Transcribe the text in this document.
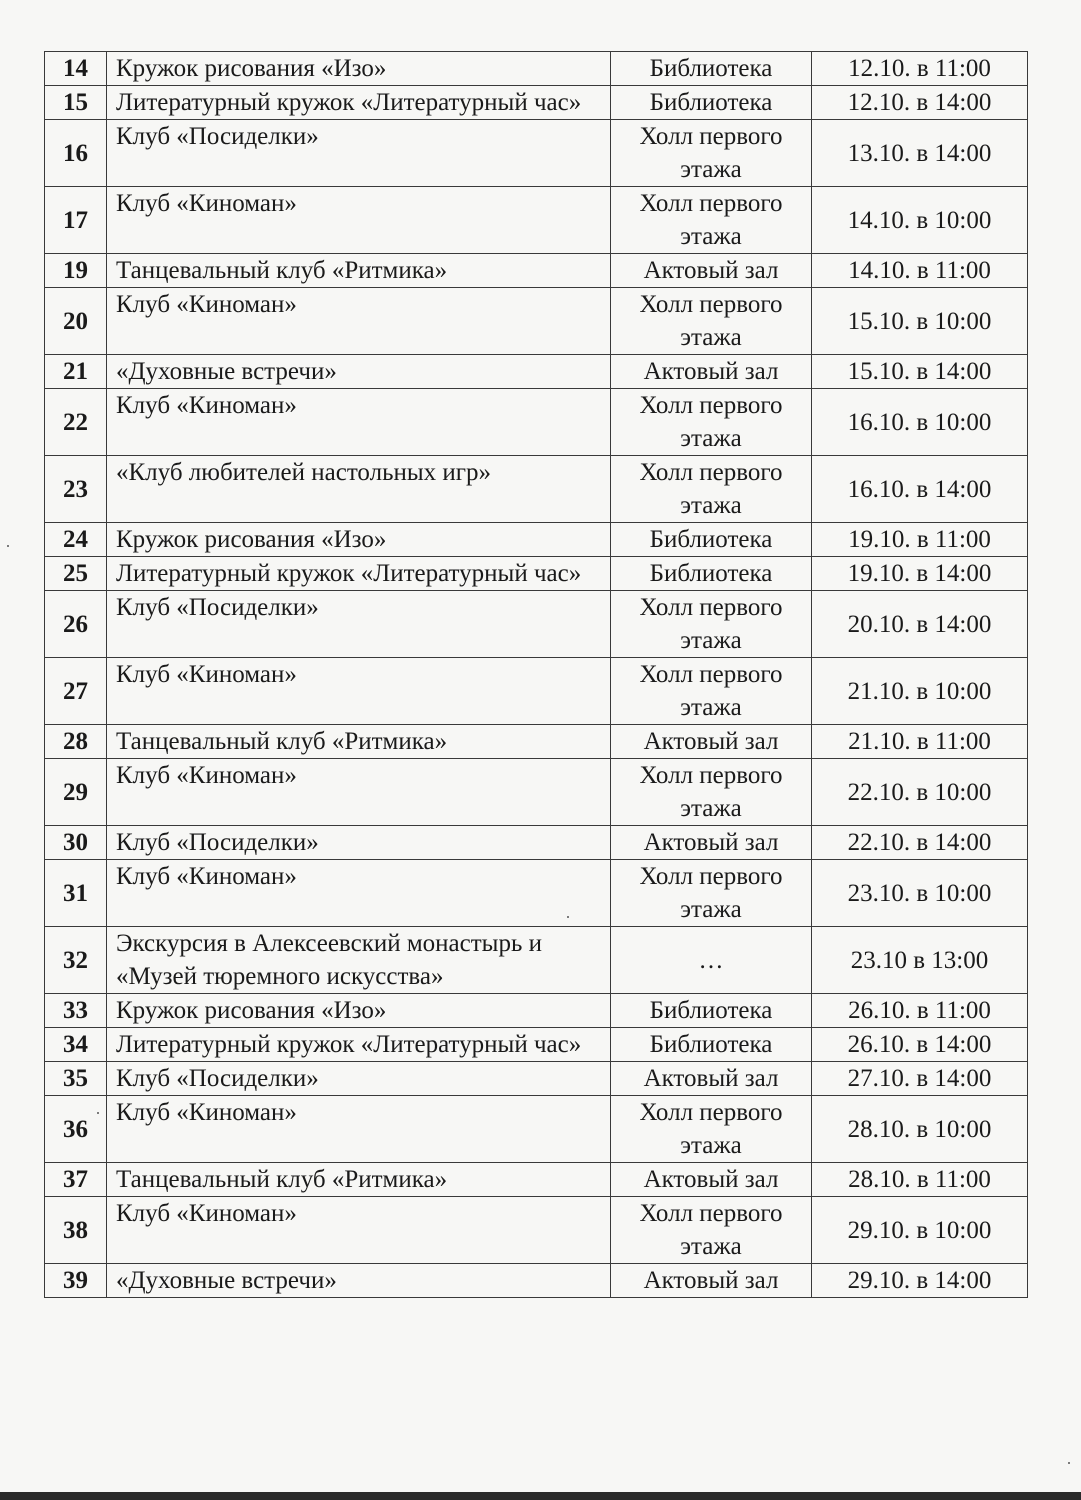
14	Кружок рисования «Изо»	Библиотека	12.10. в 11:00
15	Литературный кружок «Литературный час»	Библиотека	12.10. в 14:00
16	Клуб «Посиделки»	Холл первого этажа	13.10. в 14:00
17	Клуб «Киноман»	Холл первого этажа	14.10. в 10:00
19	Танцевальный клуб «Ритмика»	Актовый зал	14.10. в 11:00
20	Клуб «Киноман»	Холл первого этажа	15.10. в 10:00
21	«Духовные встречи»	Актовый зал	15.10. в 14:00
22	Клуб «Киноман»	Холл первого этажа	16.10. в 10:00
23	«Клуб любителей настольных игр»	Холл первого этажа	16.10. в 14:00
24	Кружок рисования «Изо»	Библиотека	19.10. в 11:00
25	Литературный кружок «Литературный час»	Библиотека	19.10. в 14:00
26	Клуб «Посиделки»	Холл первого этажа	20.10. в 14:00
27	Клуб «Киноман»	Холл первого этажа	21.10. в 10:00
28	Танцевальный клуб «Ритмика»	Актовый зал	21.10. в 11:00
29	Клуб «Киноман»	Холл первого этажа	22.10. в 10:00
30	Клуб «Посиделки»	Актовый зал	22.10. в 14:00
31	Клуб «Киноман»	Холл первого этажа	23.10. в 10:00
32	Экскурсия в Алексеевский монастырь и «Музей тюремного искусства»	…	23.10 в 13:00
33	Кружок рисования «Изо»	Библиотека	26.10. в 11:00
34	Литературный кружок «Литературный час»	Библиотека	26.10. в 14:00
35	Клуб «Посиделки»	Актовый зал	27.10. в 14:00
36	Клуб «Киноман»	Холл первого этажа	28.10. в 10:00
37	Танцевальный клуб «Ритмика»	Актовый зал	28.10. в 11:00
38	Клуб «Киноман»	Холл первого этажа	29.10. в 10:00
39	«Духовные встречи»	Актовый зал	29.10. в 14:00
